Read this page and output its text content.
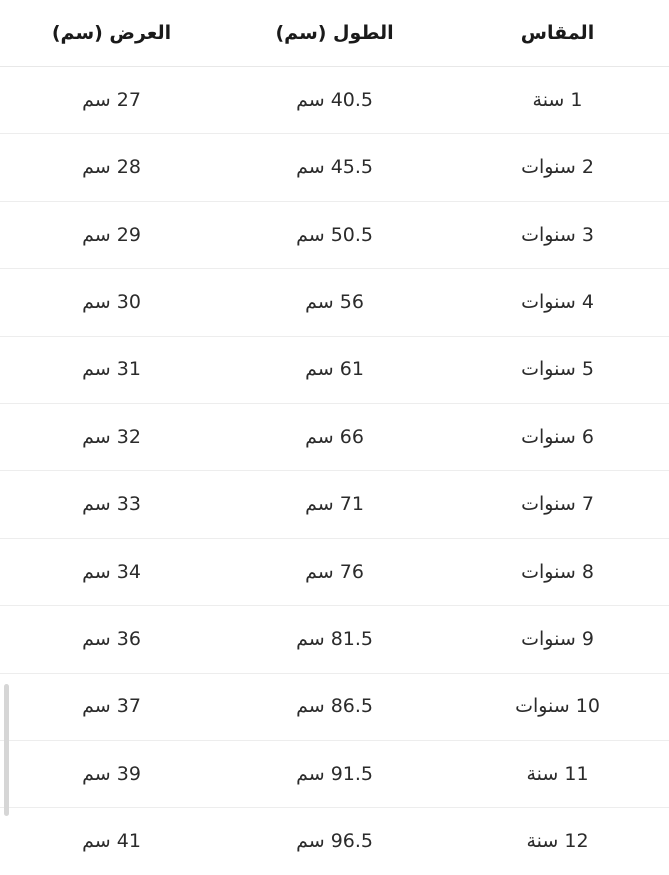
المقاس	الطول (سم)	العرض (سم)

1 سنة	40.5 سم	27 سم

2 سنوات	45.5 سم	28 سم

3 سنوات	50.5 سم	29 سم

4 سنوات	56 سم	30 سم

5 سنوات	61 سم	31 سم

6 سنوات	66 سم	32 سم

7 سنوات	71 سم	33 سم

8 سنوات	76 سم	34 سم

9 سنوات	81.5 سم	36 سم

10 سنوات	86.5 سم	37 سم

11 سنة	91.5 سم	39 سم

12 سنة	96.5 سم	41 سم
